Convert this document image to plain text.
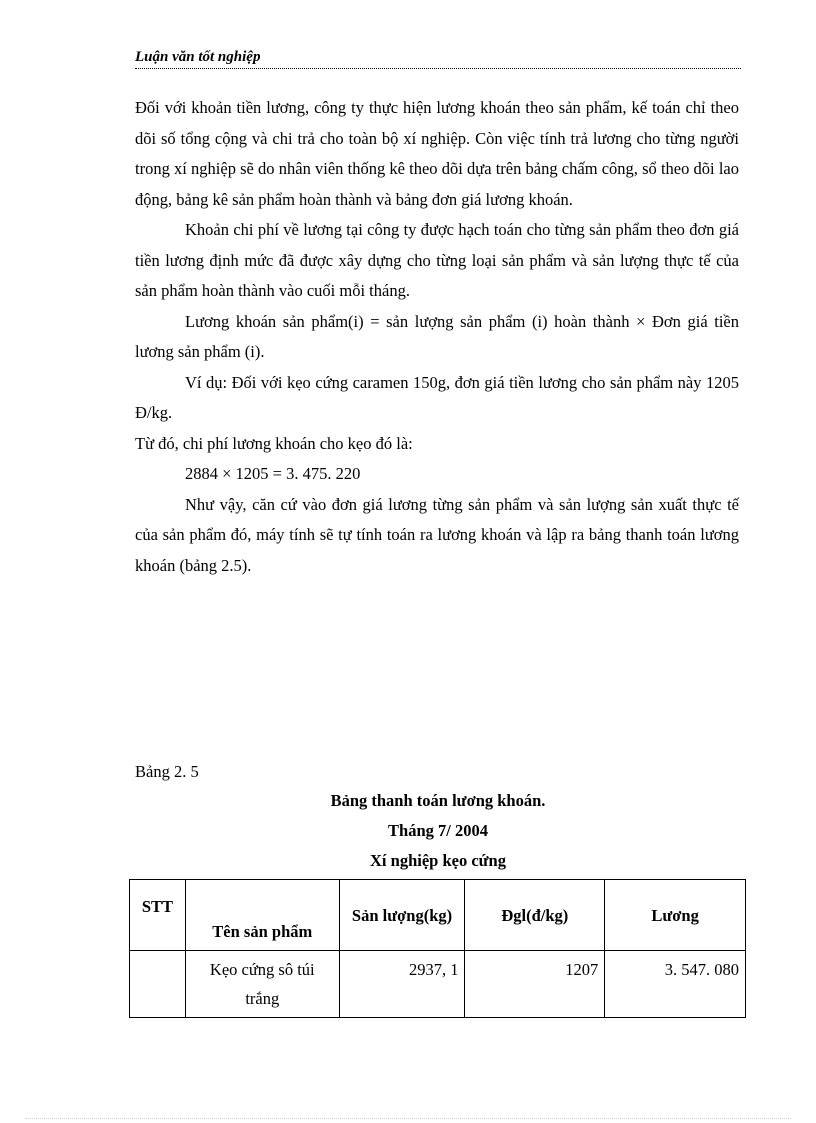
Luận văn tốt nghiệp

Đối với khoản tiền lương, công ty thực hiện lương khoán theo sản phẩm, kế toán chỉ theo dõi số tổng cộng và chi trả cho toàn bộ xí nghiệp. Còn việc tính trả lương cho từng người trong xí nghiệp sẽ do nhân viên thống kê theo dõi dựa trên bảng chấm công, sổ theo dõi lao động, bảng kê sản phẩm hoàn thành và bảng đơn giá lương khoán.

Khoản chi phí về lương tại công ty được hạch toán cho từng sản phẩm theo đơn giá tiền lương định mức đã được xây dựng cho từng loại sản phẩm và sản lượng thực tế của sản phẩm hoàn thành vào cuối mỗi tháng.

Lương khoán sản phẩm(i) = sản lượng sản phẩm (i) hoàn thành × Đơn giá tiền lương sản phẩm (i).

Ví dụ: Đối với kẹo cứng caramen 150g, đơn giá tiền lương cho sản phẩm này 1205 Đ/kg.

Từ đó, chi phí lương khoán cho kẹo đó là:

2884 × 1205 = 3. 475. 220

Như vậy, căn cứ vào đơn giá lương từng sản phẩm và sản lượng sản xuất thực tế của sản phẩm đó, máy tính sẽ tự tính toán ra lương khoán và lập ra bảng thanh toán lương khoán (bảng 2.5).

Bảng 2. 5
Bảng thanh toán lương khoán.
Tháng 7/ 2004
Xí nghiệp kẹo cứng
STT	Tên sản phẩm	Sản lượng(kg)	Đgl(đ/kg)	Lương
	Kẹo cứng sô túi trắng	2937, 1	1207	3. 547. 080
